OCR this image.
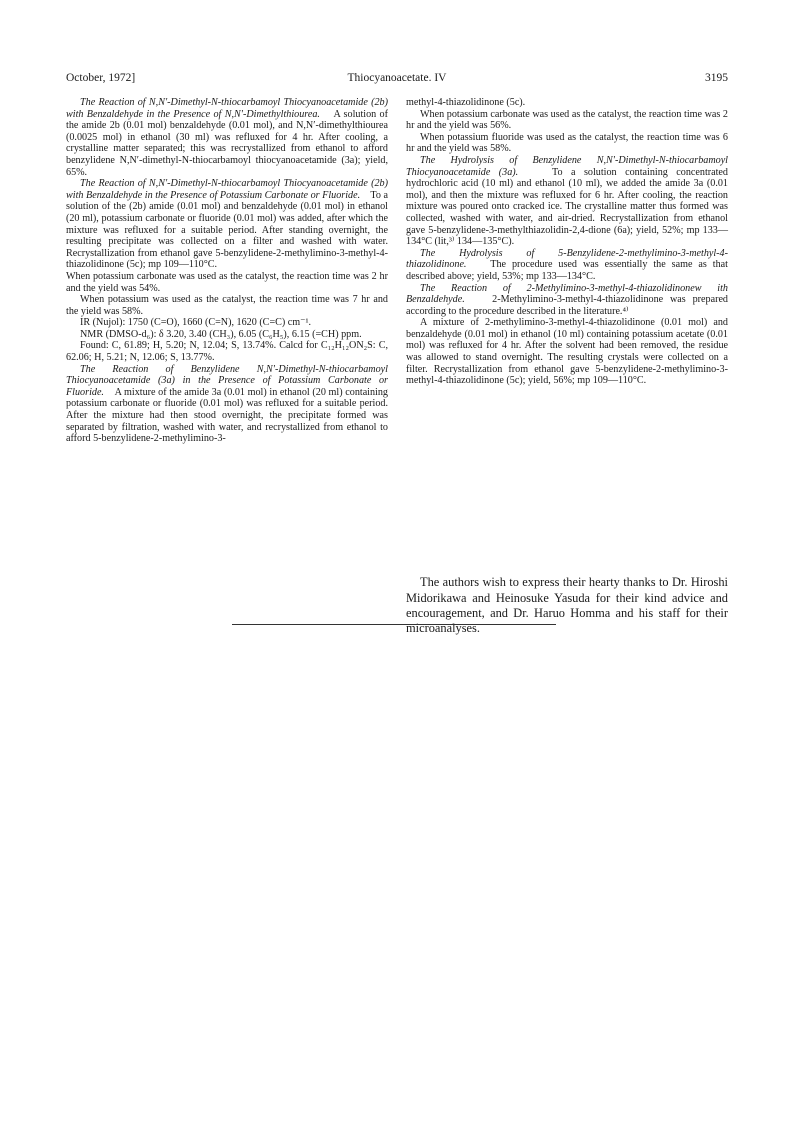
October, 1972]	Thiocyanoacetate. IV	3195

The Reaction of N,N′-Dimethyl-N-thiocarbamoyl Thiocyanoacetamide (2b) with Benzaldehyde in the Presence of N,N′-Dimethylthiourea. A solution of the amide 2b (0.01 mol) benzaldehyde (0.01 mol), and N,N′-dimethylthiourea (0.0025 mol) in ethanol (30 ml) was refluxed for 4 hr. After cooling, a crystalline matter separated; this was recrystallized from ethanol to afford benzylidene N,N′-dimethyl-N-thiocarbamoyl thiocyanoacetamide (3a); yield, 65%.

The Reaction of N,N′-Dimethyl-N-thiocarbamoyl Thiocyanoacetamide (2b) with Benzaldehyde in the Presence of Potassium Carbonate or Fluoride. To a solution of the (2b) amide (0.01 mol) and benzaldehyde (0.01 mol) in ethanol (20 ml), potassium carbonate or fluoride (0.01 mol) was added, after which the mixture was refluxed for a suitable period. After standing overnight, the resulting precipitate was collected on a filter and washed with water. Recrystallization from ethanol gave 5-benzylidene-2-methylimino-3-methyl-4-thiazolidinone (5c); mp 109—110°C.

When potassium carbonate was used as the catalyst, the reaction time was 2 hr and the yield was 54%.

When potassium was used as the catalyst, the reaction time was 7 hr and the yield was 58%.

IR (Nujol): 1750 (C=O), 1660 (C=N), 1620 (C=C) cm⁻¹.

NMR (DMSO-d₆): δ 3.20, 3.40 (CH₃), 6.05 (C₆H₅), 6.15 (=CH) ppm.

Found: C, 61.89; H, 5.20; N, 12.04; S, 13.74%. Calcd for C₁₂H₁₂ON₂S: C, 62.06; H, 5.21; N, 12.06; S, 13.77%.

The Reaction of Benzylidene N,N′-Dimethyl-N-thiocarbamoyl Thiocyanoacetamide (3a) in the Presence of Potassium Carbonate or Fluoride. A mixture of the amide 3a (0.01 mol) in ethanol (20 ml) containing potassium carbonate or fluoride (0.01 mol) was refluxed for a suitable period. After the mixture had then stood overnight, the precipitate formed was separated by filtration, washed with water, and recrystallized from ethanol to afford 5-benzylidene-2-methylimino-3-

methyl-4-thiazolidinone (5c).

When potassium carbonate was used as the catalyst, the reaction time was 2 hr and the yield was 56%.

When potassium fluoride was used as the catalyst, the reaction time was 6 hr and the yield was 58%.

The Hydrolysis of Benzylidene N,N′-Dimethyl-N-thiocarbamoyl Thiocyanoacetamide (3a).	To a solution containing concentrated hydrochloric acid (10 ml) and ethanol (10 ml), we added the amide 3a (0.01 mol), and then the mixture was refluxed for 6 hr. After cooling, the reaction mixture was poured onto cracked ice. The crystalline matter thus formed was collected, washed with water, and air-dried. Recrystallization from ethanol gave 5-benzylidene-3-methylthiazolidin-2,4-dione (6a); yield, 52%; mp 133—134°C (lit,³⁾ 134—135°C).

The Hydrolysis of 5-Benzylidene-2-methylimino-3-methyl-4-thiazolidinone. The procedure used was essentially the same as that described above; yield, 53%; mp 133—134°C.

The Reaction of 2-Methylimino-3-methyl-4-thiazolidinonew ith Benzaldehyde.	2-Methylimino-3-methyl-4-thiazolidinone was prepared according to the procedure described in the literature.⁴⁾

A mixture of 2-methylimino-3-methyl-4-thiazolidinone (0.01 mol) and benzaldehyde (0.01 mol) in ethanol (10 ml) containing potassium acetate (0.01 mol) was refluxed for 4 hr. After the solvent had been removed, the residue was allowed to stand overnight. The resulting crystals were collected on a filter. Recrystallization from ethanol gave 5-benzylidene-2-methylimino-3-methyl-4-thiazolidinone (5c); yield, 56%; mp 109—110°C.

The authors wish to express their hearty thanks to Dr. Hiroshi Midorikawa and Heinosuke Yasuda for their kind advice and encouragement, and Dr. Haruo Homma and his staff for their microanalyses.
